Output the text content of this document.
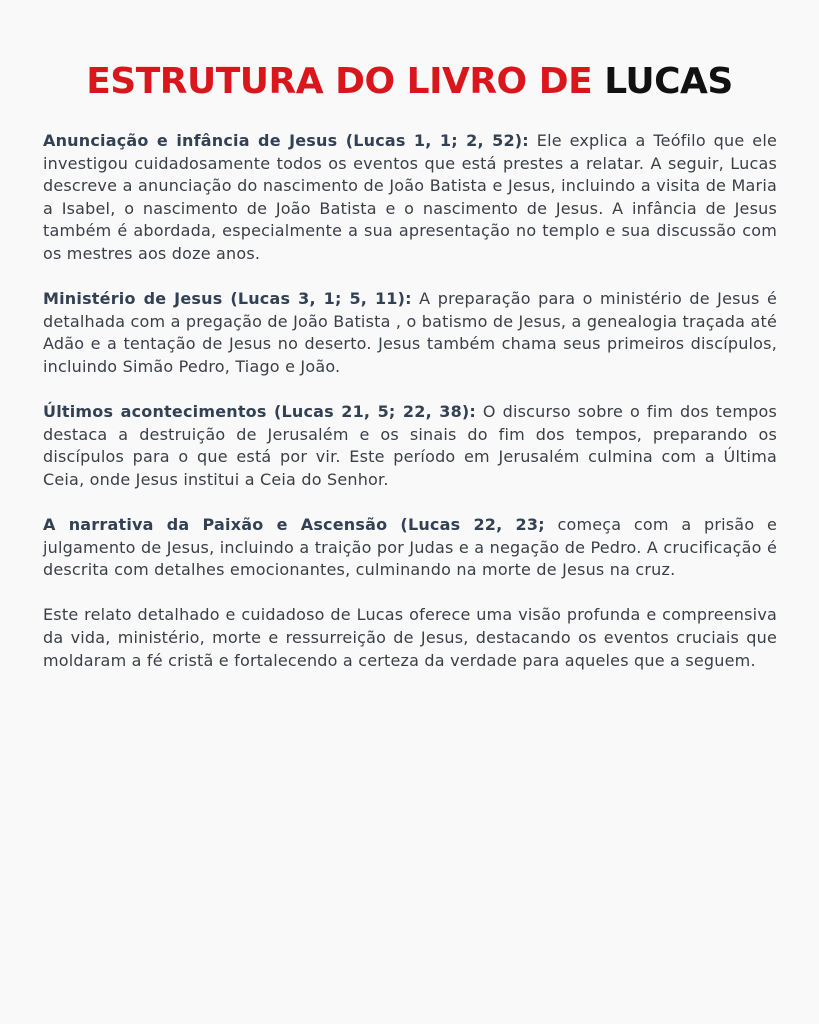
ESTRUTURA DO LIVRO DE LUCAS

Anunciação e infância de Jesus (Lucas 1, 1; 2, 52): Ele explica a Teófilo que ele investigou cuidadosamente todos os eventos que está prestes a relatar. A seguir, Lucas descreve a anunciação do nascimento de João Batista e Jesus, incluindo a visita de Maria a Isabel, o nascimento de João Batista e o nascimento de Jesus. A infância de Jesus também é abordada, especialmente a sua apresentação no templo e sua discussão com os mestres aos doze anos.

Ministério de Jesus (Lucas 3, 1; 5, 11): A preparação para o ministério de Jesus é detalhada com a pregação de João Batista , o batismo de Jesus, a genealogia traçada até Adão e a tentação de Jesus no deserto. Jesus também chama seus primeiros discípulos, incluindo Simão Pedro, Tiago e João.

Últimos acontecimentos (Lucas 21, 5; 22, 38): O discurso sobre o fim dos tempos destaca a destruição de Jerusalém e os sinais do fim dos tempos, preparando os discípulos para o que está por vir. Este período em Jerusalém culmina com a Última Ceia, onde Jesus institui a Ceia do Senhor.

A narrativa da Paixão e Ascensão (Lucas 22, 23; começa com a prisão e julgamento de Jesus, incluindo a traição por Judas e a negação de Pedro. A crucificação é descrita com detalhes emocionantes, culminando na morte de Jesus na cruz.

Este relato detalhado e cuidadoso de Lucas oferece uma visão profunda e compreensiva da vida, ministério, morte e ressurreição de Jesus, destacando os eventos cruciais que moldaram a fé cristã e fortalecendo a certeza da verdade para aqueles que a seguem.
